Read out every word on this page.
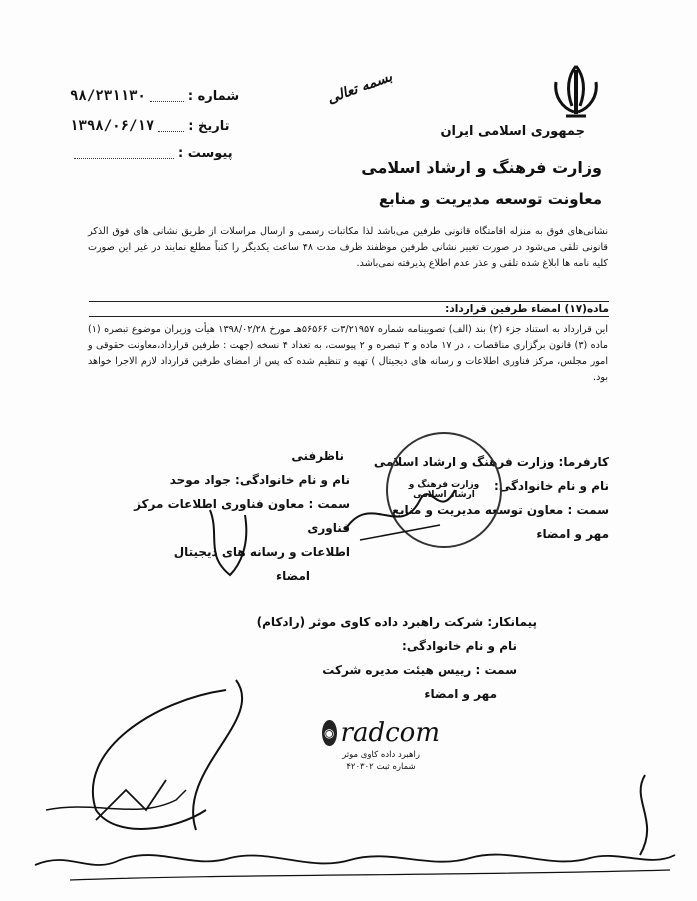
جمهوری اسلامی ایران
وزارت فرهنگ و ارشاد اسلامی
معاونت توسعه مدیریت و منابع
بسمه تعالی
۹۸/۲۳۱۱۳۰	شماره :
۱۳۹۸/۰۶/۱۷	تاریخ :
پیوست :
نشانی‌های فوق به منزله اقامتگاه قانونی طرفین می‌باشد لذا مکاتبات رسمی و ارسال مراسلات از طریق نشانی های فوق الذکر قانونی تلقی می‌شود در صورت تغییر نشانی طرفین موظفند ظرف مدت ۴۸ ساعت یکدیگر را کتباً مطلع نمایند در غیر این صورت کلیه نامه ها ابلاغ شده تلقی و عذر عدم اطلاع پذیرفته نمی‌باشد.
ماده(۱۷) امضاء طرفین قرارداد:
این قرارداد به استناد جزء (۲) بند (الف) تصویبنامه شماره ۳/۲۱۹۵۷ت ۵۶۵۶۶هـ مورخ ۱۳۹۸/۰۲/۲۸ هیأت وزیران موضوع تبصره (۱) ماده (۳) قانون برگزاری مناقصات ، در ۱۷ ماده و ۳ تبصره و ۲ پیوست، به تعداد ۴ نسخه (جهت : طرفین قرارداد،معاونت حقوقی و امور مجلس، مرکز فناوری اطلاعات و رسانه های دیجیتال ) تهیه و تنظیم شده که پس از امضای طرفین قرارداد لازم الاجرا خواهد بود.
کارفرما: وزارت فرهنگ و ارشاد اسلامی
نام و نام خانوادگی:
سمت : معاون توسعه مدیریت و منابع
مهر و امضاء
وزارت فرهنگ و ارشاد اسلامی
ناظرفنی
نام و نام خانوادگی: جواد موحد
سمت : معاون فناوری اطلاعات مرکز فناوری
اطلاعات و رسانه های دیجیتال
امضاء
پیمانکار: شرکت راهبرد داده کاوی موثر (رادکام)
نام و نام خانوادگی:
سمت : رییس هیئت مدیره شرکت
مهر و امضاء
◉ radcom
راهبرد داده کاوی موثر
شماره ثبت ۴۲۰۳۰۲
